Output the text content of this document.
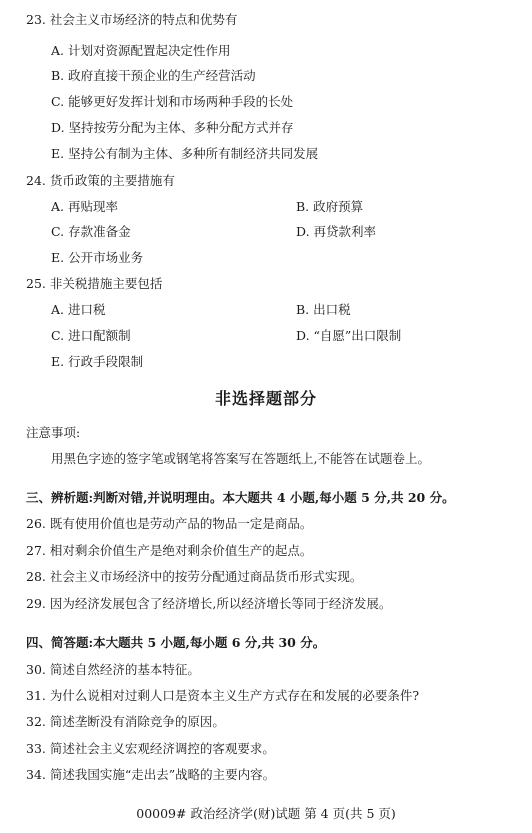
23. 社会主义市场经济的特点和优势有
A. 计划对资源配置起决定性作用
B. 政府直接干预企业的生产经营活动
C. 能够更好发挥计划和市场两种手段的长处
D. 坚持按劳分配为主体、多种分配方式并存
E. 坚持公有制为主体、多种所有制经济共同发展
24. 货币政策的主要措施有
A. 再贴现率	B. 政府预算
C. 存款准备金	D. 再贷款利率
E. 公开市场业务
25. 非关税措施主要包括
A. 进口税	B. 出口税
C. 进口配额制	D. “自愿”出口限制
E. 行政手段限制
非选择题部分
注意事项:
用黑色字迹的签字笔或钢笔将答案写在答题纸上,不能答在试题卷上。
三、辨析题:判断对错,并说明理由。本大题共 4 小题,每小题 5 分,共 20 分。
26. 既有使用价值也是劳动产品的物品一定是商品。
27. 相对剩余价值生产是绝对剩余价值生产的起点。
28. 社会主义市场经济中的按劳分配通过商品货币形式实现。
29. 因为经济发展包含了经济增长,所以经济增长等同于经济发展。
四、简答题:本大题共 5 小题,每小题 6 分,共 30 分。
30. 简述自然经济的基本特征。
31. 为什么说相对过剩人口是资本主义生产方式存在和发展的必要条件?
32. 简述垄断没有消除竞争的原因。
33. 简述社会主义宏观经济调控的客观要求。
34. 简述我国实施“走出去”战略的主要内容。
00009# 政治经济学(财)试题 第 4 页(共 5 页)
